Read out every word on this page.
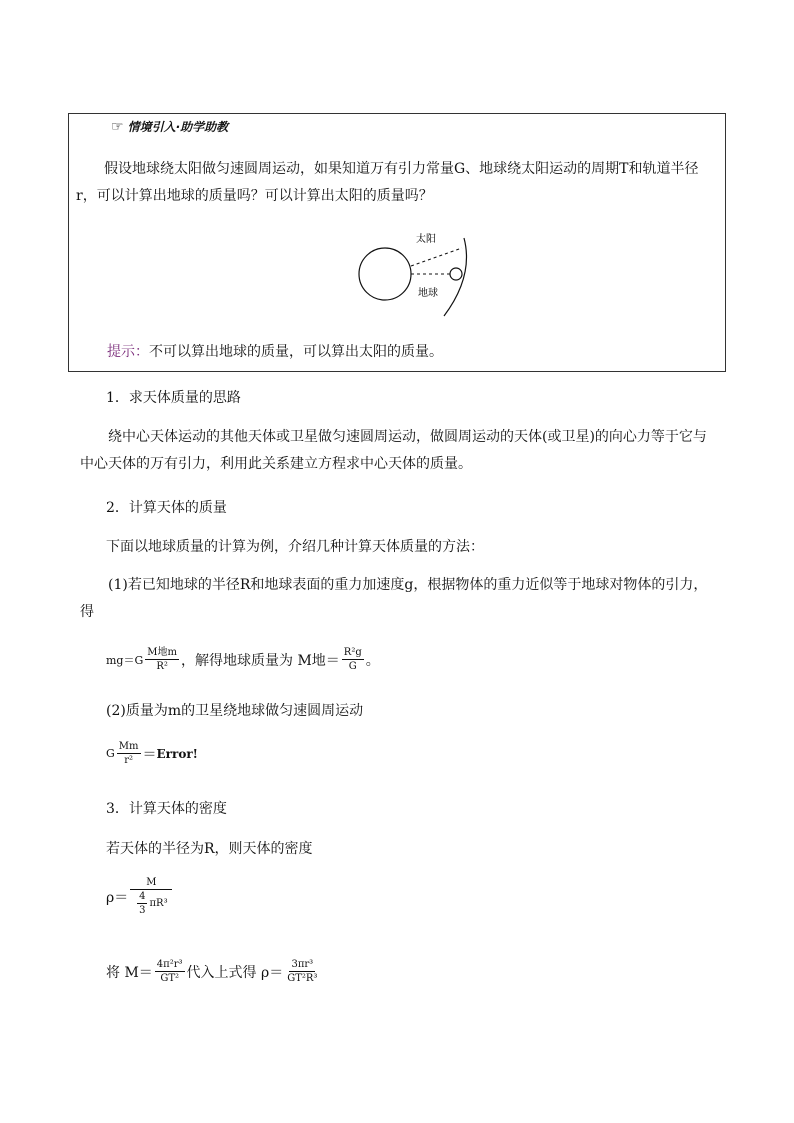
☞ 情境引入·助学助教
假设地球绕太阳做匀速圆周运动，如果知道万有引力常量G、地球绕太阳运动的周期T和轨道半径r，可以计算出地球的质量吗？可以计算出太阳的质量吗？
太阳
地球
提示：不可以算出地球的质量，可以算出太阳的质量。
1．求天体质量的思路
绕中心天体运动的其他天体或卫星做匀速圆周运动，做圆周运动的天体(或卫星)的向心力等于它与中心天体的万有引力，利用此关系建立方程求中心天体的质量。
2．计算天体的质量
下面以地球质量的计算为例，介绍几种计算天体质量的方法：
(1)若已知地球的半径R和地球表面的重力加速度g，根据物体的重力近似等于地球对物体的引力，得
$mg=G \frac{\text{M地m}}{\text{R²}}$ ，解得地球质量为 M地＝ $\frac{\text{R²g}}{G}$ 。
(2)质量为m的卫星绕地球做匀速圆周运动
G $\frac{Mm}{\text{r²}}$ ＝ Error!
3．计算天体的密度
若天体的半径为R，则天体的密度
$\rho= \frac{M}{\frac{4}{3} \pi R^3}$
将 $M= \frac{\text{4π²r³}}{\text{GT²}}$ 代入上式得 $\rho= \frac{\text{3πr³}}{\text{GT²R³}}$
